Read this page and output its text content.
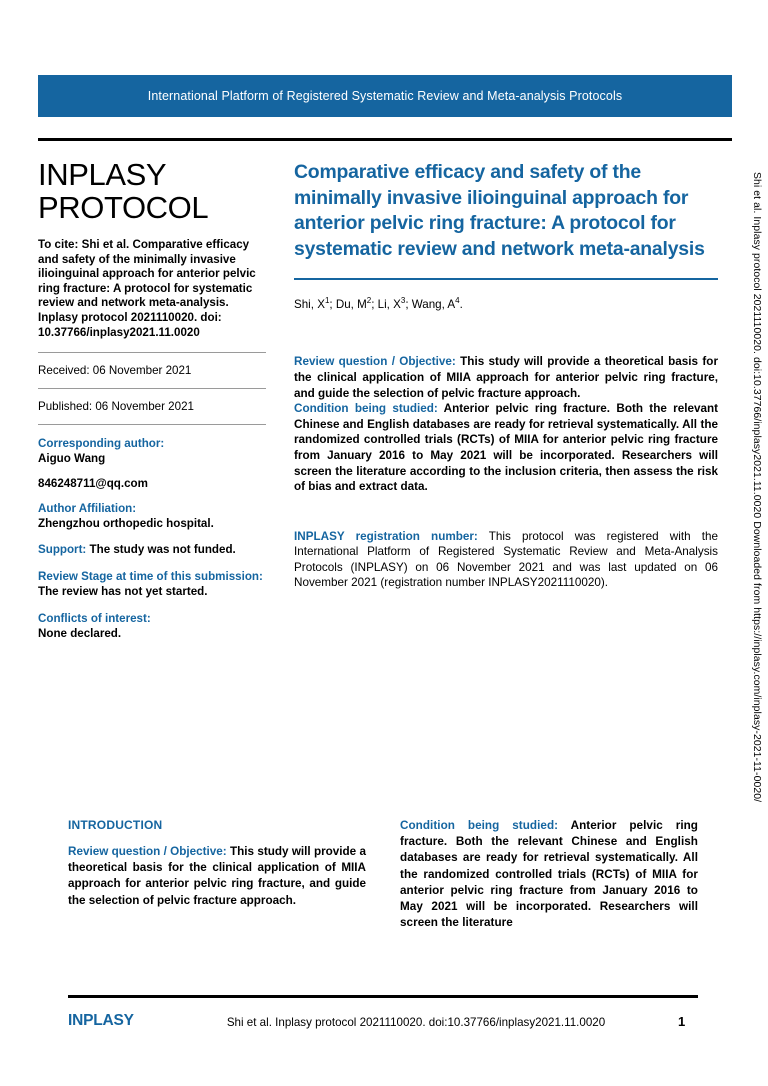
International Platform of Registered Systematic Review and Meta-analysis Protocols
INPLASY
PROTOCOL
To cite: Shi et al. Comparative efficacy and safety of the minimally invasive ilioinguinal approach for anterior pelvic ring fracture: A protocol for systematic review and network meta-analysis. Inplasy protocol 2021110020. doi: 10.37766/inplasy2021.11.0020
Received: 06 November 2021
Published: 06 November 2021
Corresponding author:
Aiguo Wang
846248711@qq.com
Author Affiliation:
Zhengzhou orthopedic hospital.
Support: The study was not funded.
Review Stage at time of this submission: The review has not yet started.
Conflicts of interest:
None declared.
Comparative efficacy and safety of the minimally invasive ilioinguinal approach for anterior pelvic ring fracture: A protocol for systematic review and network meta-analysis
Shi, $X^1$; Du, $M^2$; Li, $X^3$; Wang, $A^4$.

Review question / Objective: This study will provide a theoretical basis for the clinical application of MIIA approach for anterior pelvic ring fracture, and guide the selection of pelvic fracture approach.

Condition being studied: Anterior pelvic ring fracture. Both the relevant Chinese and English databases are ready for retrieval systematically. All the randomized controlled trials (RCTs) of MIIA for anterior pelvic ring fracture from January 2016 to May 2021 will be incorporated. Researchers will screen the literature according to the inclusion criteria, then assess the risk of bias and extract data.

INPLASY registration number: This protocol was registered with the International Platform of Registered Systematic Review and Meta-Analysis Protocols (INPLASY) on 06 November 2021 and was last updated on 06 November 2021 (registration number INPLASY2021110020).
INTRODUCTION
Review question / Objective: This study will provide a theoretical basis for the clinical application of MIIA approach for anterior pelvic ring fracture, and guide the selection of pelvic fracture approach.
Condition being studied: Anterior pelvic ring fracture. Both the relevant Chinese and English databases are ready for retrieval systematically. All the randomized controlled trials (RCTs) of MIIA for anterior pelvic ring fracture from January 2016 to May 2021 will be incorporated. Researchers will screen the literature
INPLASY	Shi et al. Inplasy protocol 2021110020. doi:10.37766/inplasy2021.11.0020	1
Shi et al. Inplasy protocol 2021110020. doi:10.37766/inplasy2021.11.0020 Downloaded from https://inplasy.com/inplasy-2021-11-0020/
